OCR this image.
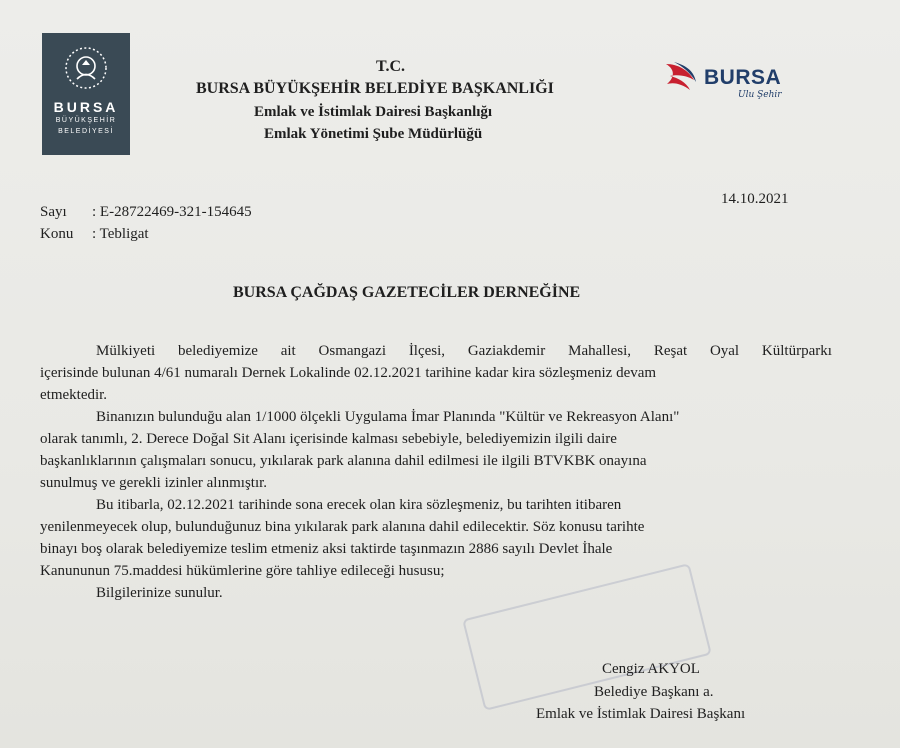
BURSA
BÜYÜKŞEHİR
BELEDİYESİ
T.C.
BURSA BÜYÜKŞEHİR BELEDİYE BAŞKANLIĞI
Emlak ve İstimlak Dairesi Başkanlığı
Emlak Yönetimi Şube Müdürlüğü
BURSA
Ulu Şehir
Sayı : E-28722469-321-154645
Konu : Tebligat
14.10.2021
BURSA ÇAĞDAŞ GAZETECİLER DERNEĞİNE
Mülkiyeti belediyemize ait Osmangazi İlçesi, Gaziakdemir Mahallesi, Reşat Oyal Kültürparkı
içerisinde bulunan 4/61 numaralı Dernek Lokalinde 02.12.2021 tarihine kadar kira sözleşmeniz devam
etmektedir.
Binanızın bulunduğu alan 1/1000 ölçekli Uygulama İmar Planında "Kültür ve Rekreasyon Alanı"
olarak tanımlı, 2. Derece Doğal Sit Alanı içerisinde kalması sebebiyle, belediyemizin ilgili daire
başkanlıklarının çalışmaları sonucu, yıkılarak park alanına dahil edilmesi ile ilgili BTVKBK onayına
sunulmuş ve gerekli izinler alınmıştır.
Bu itibarla, 02.12.2021 tarihinde sona erecek olan kira sözleşmeniz, bu tarihten itibaren
yenilenmeyecek olup, bulunduğunuz bina yıkılarak park alanına dahil edilecektir. Söz konusu tarihte
binayı boş olarak belediyemize teslim etmeniz aksi taktirde taşınmazın 2886 sayılı Devlet İhale
Kanununun 75.maddesi hükümlerine göre tahliye edileceği hususu;
Bilgilerinize sunulur.
Cengiz AKYOL
Belediye Başkanı a.
Emlak ve İstimlak Dairesi Başkanı
